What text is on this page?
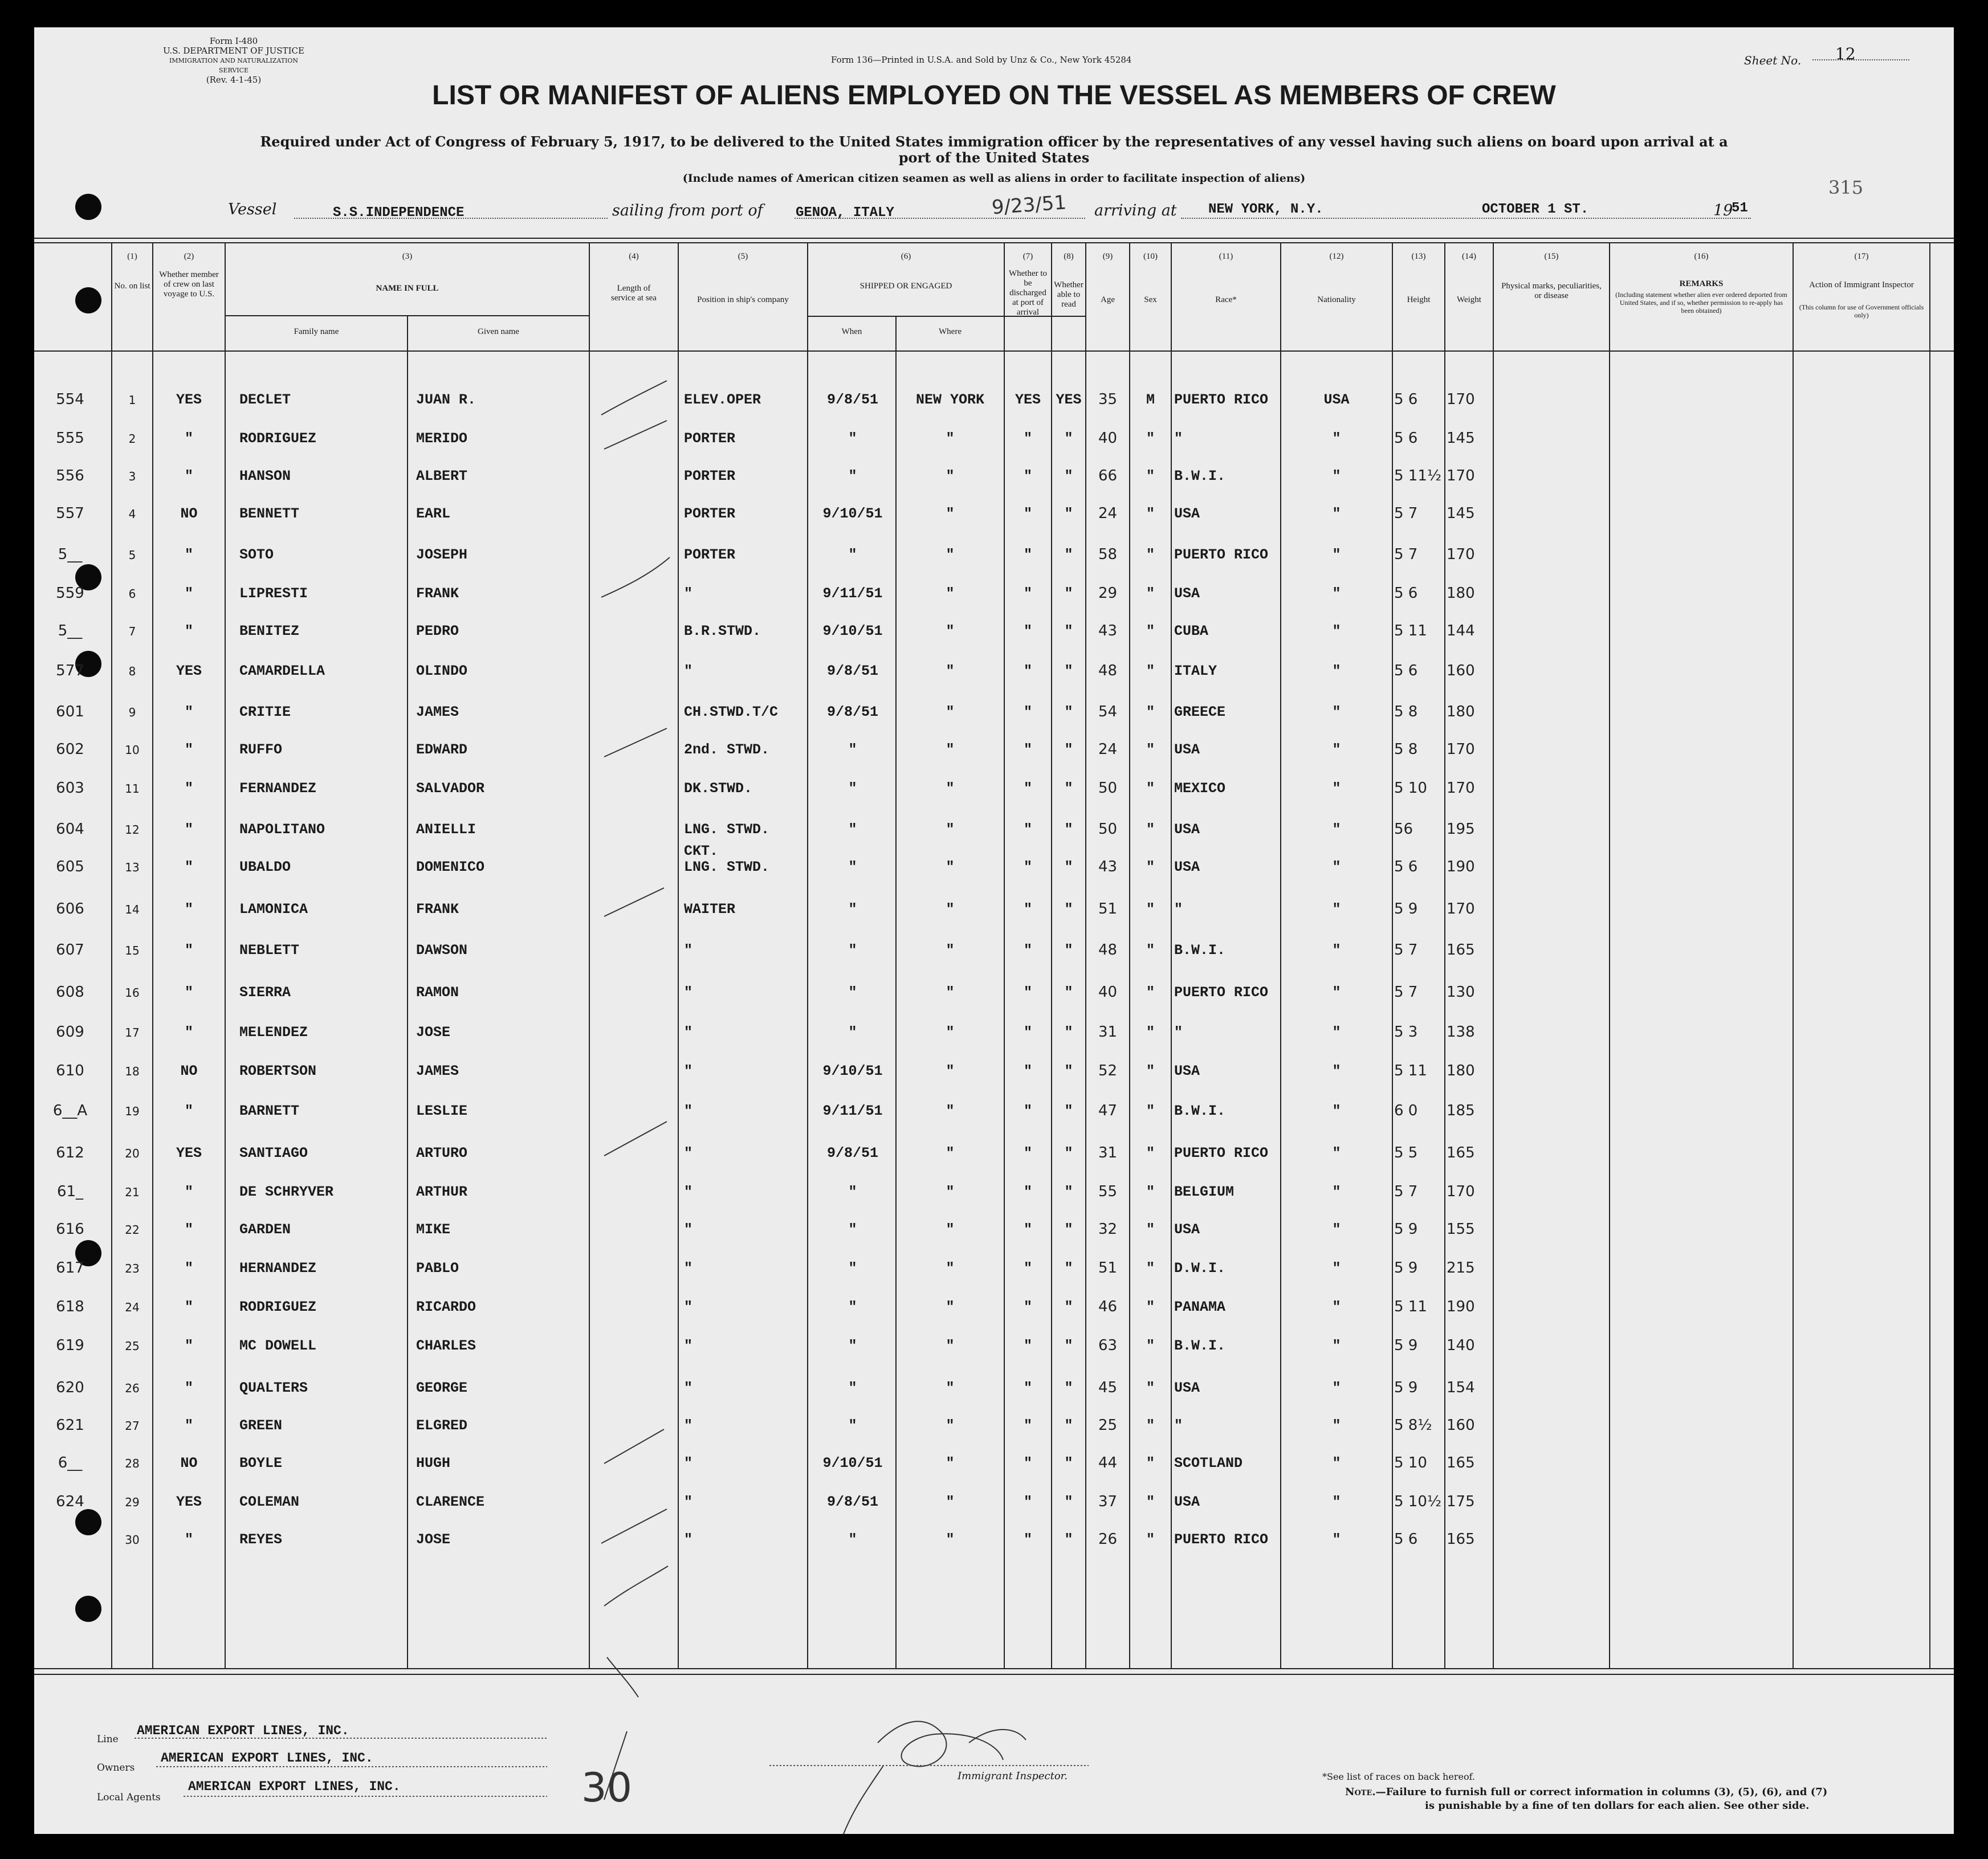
Form I-480
U.S. DEPARTMENT OF JUSTICE
IMMIGRATION AND NATURALIZATION SERVICE
(Rev. 4-1-45)
Form 136—Printed in U.S.A. and Sold by Unz & Co., New York 45284	Sheet No. 12
LIST OR MANIFEST OF ALIENS EMPLOYED ON THE VESSEL AS MEMBERS OF CREW
Required under Act of Congress of February 5, 1917, to be delivered to the United States immigration officer by the representatives of any vessel having such aliens on board upon arrival at a
port of the United States
(Include names of American citizen seamen as well as aliens in order to facilitate inspection of aliens)	315
Vessel	S.S.INDEPENDENCE	sailing from port of GENOA, ITALY	9/23/51 arriving at NEW YORK, N.Y.	OCTOBER 1 ST.	19
51
(1)
No. on list
(2)
Whether member of crew on last voyage to U.S.
(3)
NAME IN FULL
Family name	Given name
(4)
Length of service at sea
(5)
Position in ship's company
(6)
SHIPPED OR ENGAGED
When	Where
(7)
Whether to be discharged at port of arrival
(8)
Whether able to read
(9)
Age
(10)
Sex
(11)
Race*
(12)
Nationality
(13)
Height
(14)
Weight
(15)
Physical marks, peculiarities, or disease
(16)
REMARKS
(Including statement whether alien ever ordered deported from United States, and if so, whether permission to re-apply has been obtained)
(17)
Action of Immigrant Inspector
(This column for use of Government officials only)
554	1	YES	DECLET	JUAN R.	ELEV.OPER	9/8/51	NEW YORK	YES	YES	35	M	PUERTO RICO	USA	5 6	170
555	2	"	RODRIGUEZ	MERIDO	PORTER	"	"	"	"	40	"	"	"	5 6	145
556	3	"	HANSON	ALBERT	PORTER	"	"	"	"	66	"	B.W.I.	"	5 11½ 170
557	4	NO	BENNETT	EARL	PORTER	9/10/51	"	"	"	24	"	USA	"	5 7	145
5__	5	"	SOTO	JOSEPH	PORTER	"	"	"	"	58	"	PUERTO RICO	"	5 7	170
559	6	"	LIPRESTI	FRANK	"	9/11/51	"	"	"	29	"	USA	"	5 6	180
5__	7	"	BENITEZ	PEDRO	B.R.STWD.	9/10/51	"	"	"	43	"	CUBA	"	5 11	144
577	8	YES	CAMARDELLA	OLINDO	"	9/8/51	"	"	"	48	"	ITALY	"	5 6	160
601	9	"	CRITIE	JAMES	CH.STWD.T/C	9/8/51	"	"	"	54	"	GREECE	"	5 8	180
602	10	"	RUFFO	EDWARD	2nd. STWD.	"	"	"	"	24	"	USA	"	5 8	170
603	11	"	FERNANDEZ	SALVADOR	DK.STWD.	"	"	"	"	50	"	MEXICO	"	5 10	170
604	12	"	NAPOLITANO	ANIELLI	LNG. STWD.	"	"	"	"	50	"	USA	"	56	195
605	13	"	UBALDO	DOMENICO	LNG. STWD.	"	"	"	"	43	"	USA	"	5 6	190
CKT.
606	14	"	LAMONICA	FRANK	WAITER	"	"	"	"	51	"	"	"	5 9	170
607	15	"	NEBLETT	DAWSON	"	"	"	"	"	48	"	B.W.I.	"	5 7	165
608	16	"	SIERRA	RAMON	"	"	"	"	"	40	"	PUERTO RICO	"	5 7	130
609	17	"	MELENDEZ	JOSE	"	"	"	"	"	31	"	"	"	5 3	138
610	18	NO	ROBERTSON	JAMES	"	9/10/51	"	"	"	52	"	USA	"	5 11	180
6__A	19	"	BARNETT	LESLIE	"	9/11/51	"	"	"	47	"	B.W.I.	"	6 0	185
612	20	YES	SANTIAGO	ARTURO	"	9/8/51	"	"	"	31	"	PUERTO RICO	"	5 5	165
61_	21	"	DE SCHRYVER	ARTHUR	"	"	"	"	"	55	"	BELGIUM	"	5 7	170
616	22	"	GARDEN	MIKE	"	"	"	"	"	32	"	USA	"	5 9	155
617	23	"	HERNANDEZ	PABLO	"	"	"	"	"	51	"	D.W.I.	"	5 9	215
618	24	"	RODRIGUEZ	RICARDO	"	"	"	"	"	46	"	PANAMA	"	5 11	190
619	25	"	MC DOWELL	CHARLES	"	"	"	"	"	63	"	B.W.I.	"	5 9	140
620	26	"	QUALTERS	GEORGE	"	"	"	"	"	45	"	USA	"	5 9	154
621	27	"	GREEN	ELGRED	"	"	"	"	"	25	"	"	"	5 8½ 160
6__	28	NO	BOYLE	HUGH	"	9/10/51	"	"	"	44	"	SCOTLAND	"	5 10	165
624	29	YES	COLEMAN	CLARENCE	"	9/8/51	"	"	"	37	"	USA	"	5 10½ 175
30	"	REYES	JOSE	"	"	"	"	"	26	"	PUERTO RICO	"	5 6	165
Line
AMERICAN EXPORT LINES, INC.
Owners
AMERICAN EXPORT LINES, INC.
Local Agents
AMERICAN EXPORT LINES, INC.	30	Immigrant Inspector.	*See list of races on back hereof.
Note.—Failure to furnish full or correct information in columns (3), (5), (6), and (7)
is punishable by a fine of ten dollars for each alien. See other side.
